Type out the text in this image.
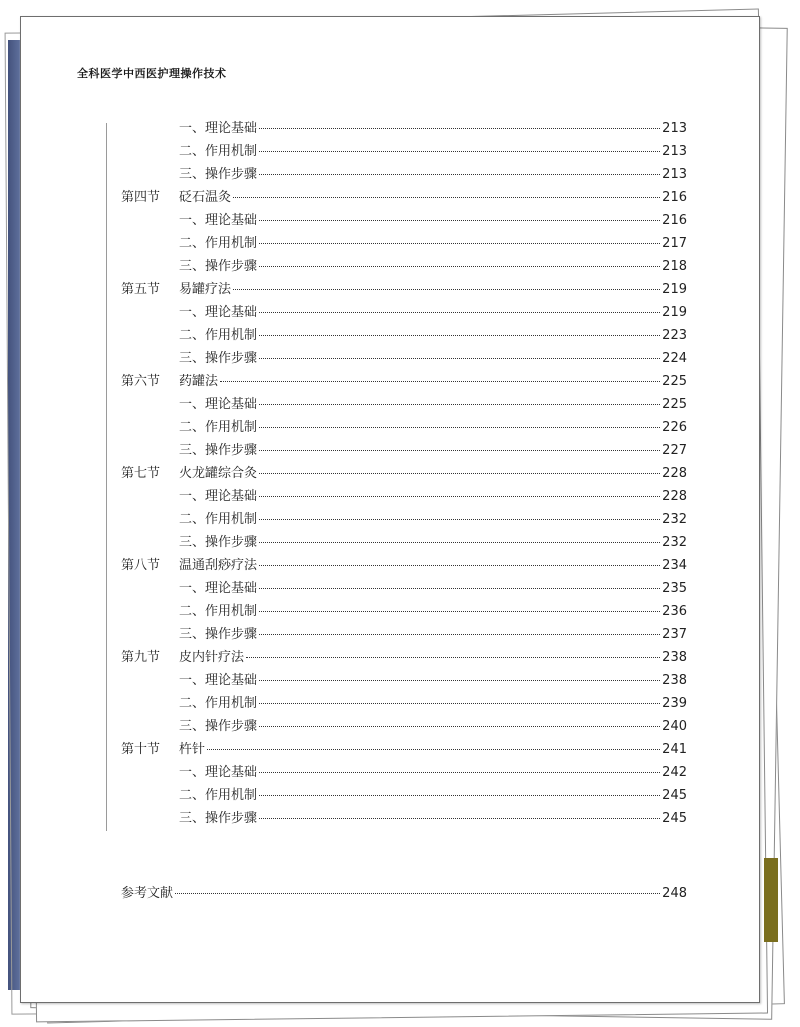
全科医学中西医护理操作技术
一、理论基础	213
二、作用机制	213
三、操作步骤	213
第四节	砭石温灸	216
一、理论基础	216
二、作用机制	217
三、操作步骤	218
第五节	易罐疗法	219
一、理论基础	219
二、作用机制	223
三、操作步骤	224
第六节	药罐法	225
一、理论基础	225
二、作用机制	226
三、操作步骤	227
第七节	火龙罐综合灸	228
一、理论基础	228
二、作用机制	232
三、操作步骤	232
第八节	温通刮痧疗法	234
一、理论基础	235
二、作用机制	236
三、操作步骤	237
第九节	皮内针疗法	238
一、理论基础	238
二、作用机制	239
三、操作步骤	240
第十节	杵针	241
一、理论基础	242
二、作用机制	245
三、操作步骤	245
参考文献	248
